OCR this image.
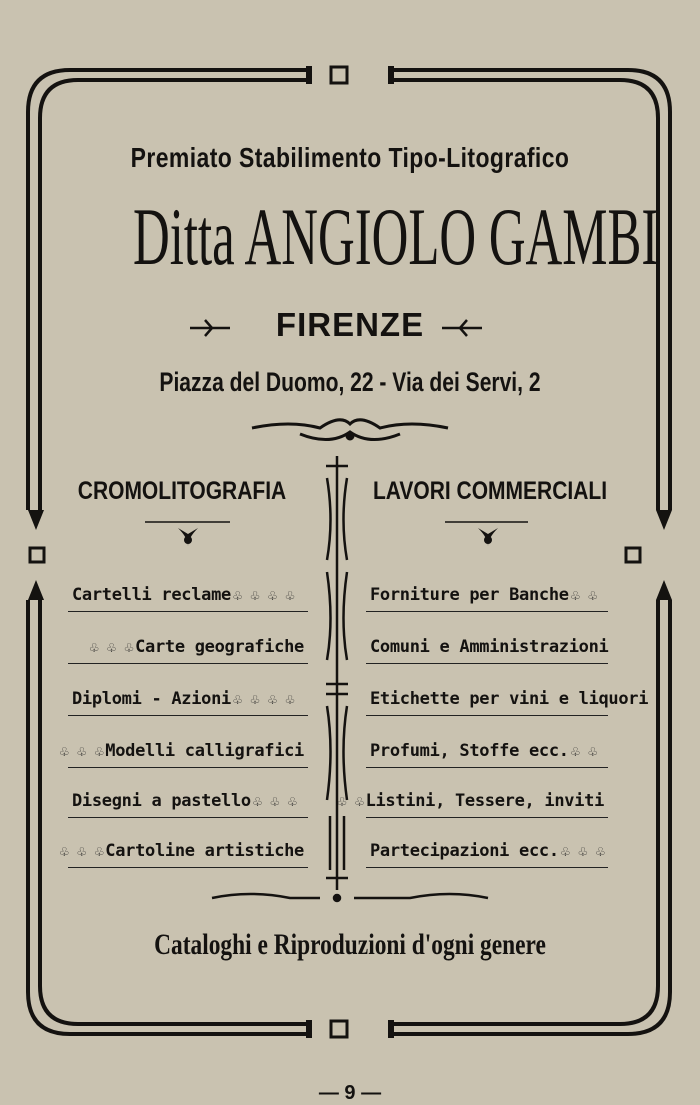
Premiato Stabilimento Tipo-Litografico
Ditta ANGIOLO GAMBI
FIRENZE
Piazza del Duomo, 22 - Via dei Servi, 2
CROMOLITOGRAFIA	LAVORI COMMERCIALI
Cartelli reclame ♧ ♧ ♧ ♧
♧ ♧ ♧ Carte geografiche
Diplomi - Azioni ♧ ♧ ♧ ♧
♧ ♧ ♧ Modelli calligrafici
Disegni a pastello ♧ ♧ ♧
♧ ♧ ♧ Cartoline artistiche
Forniture per Banche ♧ ♧
Comuni e Amministrazioni
Etichette per vini e liquori
Profumi, Stoffe ecc. ♧ ♧
♧ ♧ Listini, Tessere, inviti
Partecipazioni ecc. ♧ ♧ ♧
Cataloghi e Riproduzioni d'ogni genere
— 9 —
